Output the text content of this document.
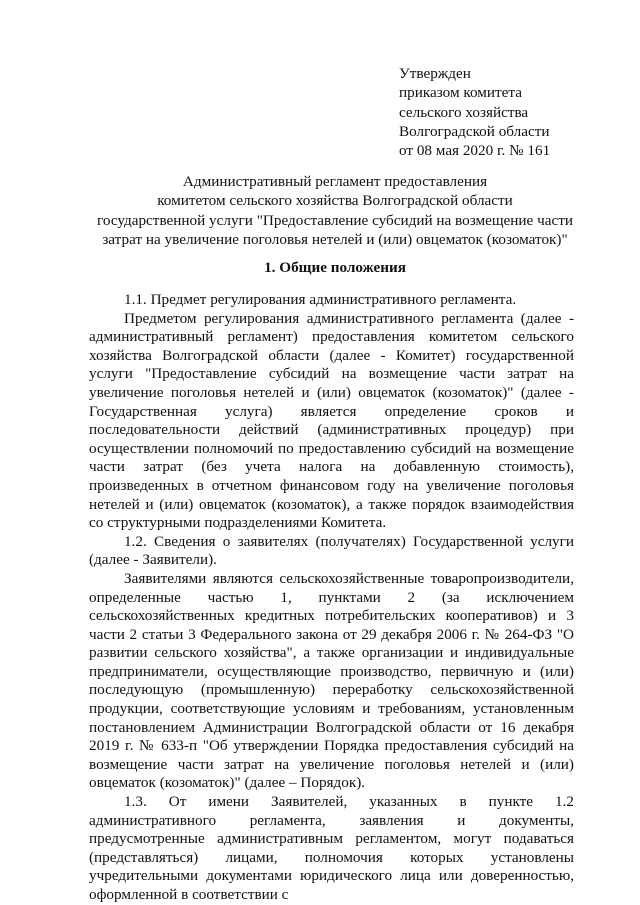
Утвержден
приказом комитета
сельского хозяйства
Волгоградской области
от 08 мая 2020 г. № 161
Административный регламент предоставления
комитетом сельского хозяйства Волгоградской области
государственной услуги "Предоставление субсидий на возмещение части
затрат на увеличение поголовья нетелей и (или) овцематок (козоматок)"
1. Общие положения

1.1. Предмет регулирования административного регламента.

Предметом регулирования административного регламента (далее - административный регламент) предоставления комитетом сельского хозяйства Волгоградской области (далее - Комитет) государственной услуги "Предоставление субсидий на возмещение части затрат на увеличение поголовья нетелей и (или) овцематок (козоматок)" (далее - Государственная услуга) является определение сроков и последовательности действий (административных процедур) при осуществлении полномочий по предоставлению субсидий на возмещение части затрат (без учета налога на добавленную стоимость), произведенных в отчетном финансовом году на увеличение поголовья нетелей и (или) овцематок (козоматок), а также порядок взаимодействия со структурными подразделениями Комитета.

1.2. Сведения о заявителях (получателях) Государственной услуги (далее - Заявители).

Заявителями являются сельскохозяйственные товаропроизводители, определенные частью 1, пунктами 2 (за исключением сельскохозяйственных кредитных потребительских кооперативов) и 3 части 2 статьи 3 Федерального закона от 29 декабря 2006 г. № 264-ФЗ "О развитии сельского хозяйства", а также организации и индивидуальные предприниматели, осуществляющие производство, первичную и (или) последующую (промышленную) переработку сельскохозяйственной продукции, соответствующие условиям и требованиям, установленным постановлением Администрации Волгоградской области от 16 декабря 2019 г. № 633-п "Об утверждении Порядка предоставления субсидий на возмещение части затрат на увеличение поголовья нетелей и (или) овцематок (козоматок)" (далее – Порядок).

1.3. От имени Заявителей, указанных в пункте 1.2 административного регламента, заявления и документы, предусмотренные административным регламентом, могут подаваться (представляться) лицами, полномочия которых установлены учредительными документами юридического лица или доверенностью, оформленной в соответствии с
